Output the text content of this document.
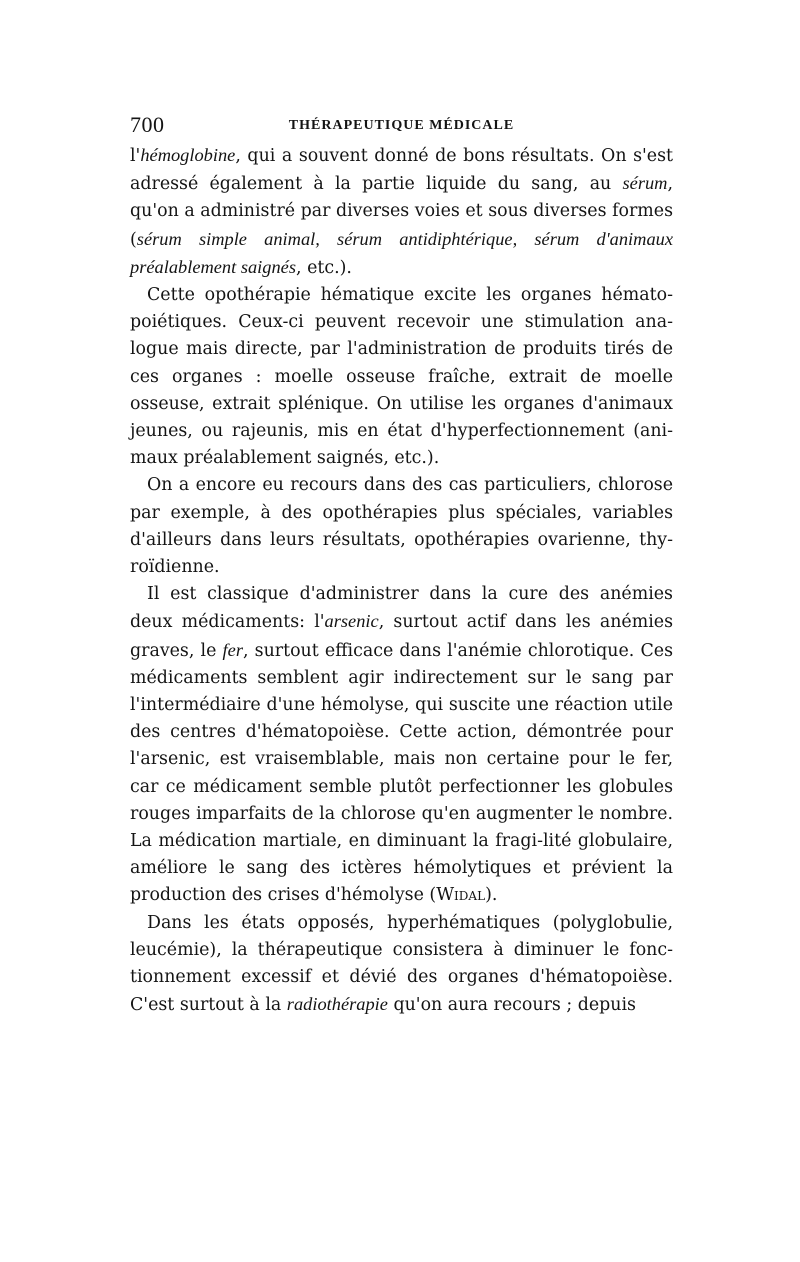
700	THÉRAPEUTIQUE MÉDICALE

l'hémoglobine, qui a souvent donné de bons résultats. On s'est adressé également à la partie liquide du sang, au sérum, qu'on a administré par diverses voies et sous diverses formes (sérum simple animal, sérum antidiphtérique, sérum d'animaux préalablement saignés, etc.).

Cette opothérapie hématique excite les organes hémato-poiétiques. Ceux-ci peuvent recevoir une stimulation ana-logue mais directe, par l'administration de produits tirés de ces organes : moelle osseuse fraîche, extrait de moelle osseuse, extrait splénique. On utilise les organes d'animaux jeunes, ou rajeunis, mis en état d'hyperfectionnement (ani-maux préalablement saignés, etc.).

On a encore eu recours dans des cas particuliers, chlorose par exemple, à des opothérapies plus spéciales, variables d'ailleurs dans leurs résultats, opothérapies ovarienne, thy-roïdienne.

Il est classique d'administrer dans la cure des anémies deux médicaments: l'arsenic, surtout actif dans les anémies graves, le fer, surtout efficace dans l'anémie chlorotique. Ces médicaments semblent agir indirectement sur le sang par l'intermédiaire d'une hémolyse, qui suscite une réaction utile des centres d'hématopoièse. Cette action, démontrée pour l'arsenic, est vraisemblable, mais non certaine pour le fer, car ce médicament semble plutôt perfectionner les globules rouges imparfaits de la chlorose qu'en augmenter le nombre. La médication martiale, en diminuant la fragi-lité globulaire, améliore le sang des ictères hémolytiques et prévient la production des crises d'hémolyse (Widal).

Dans les états opposés, hyperhématiques (polyglobulie, leucémie), la thérapeutique consistera à diminuer le fonc-tionnement excessif et dévié des organes d'hématopoièse. C'est surtout à la radiothérapie qu'on aura recours ; depuis
